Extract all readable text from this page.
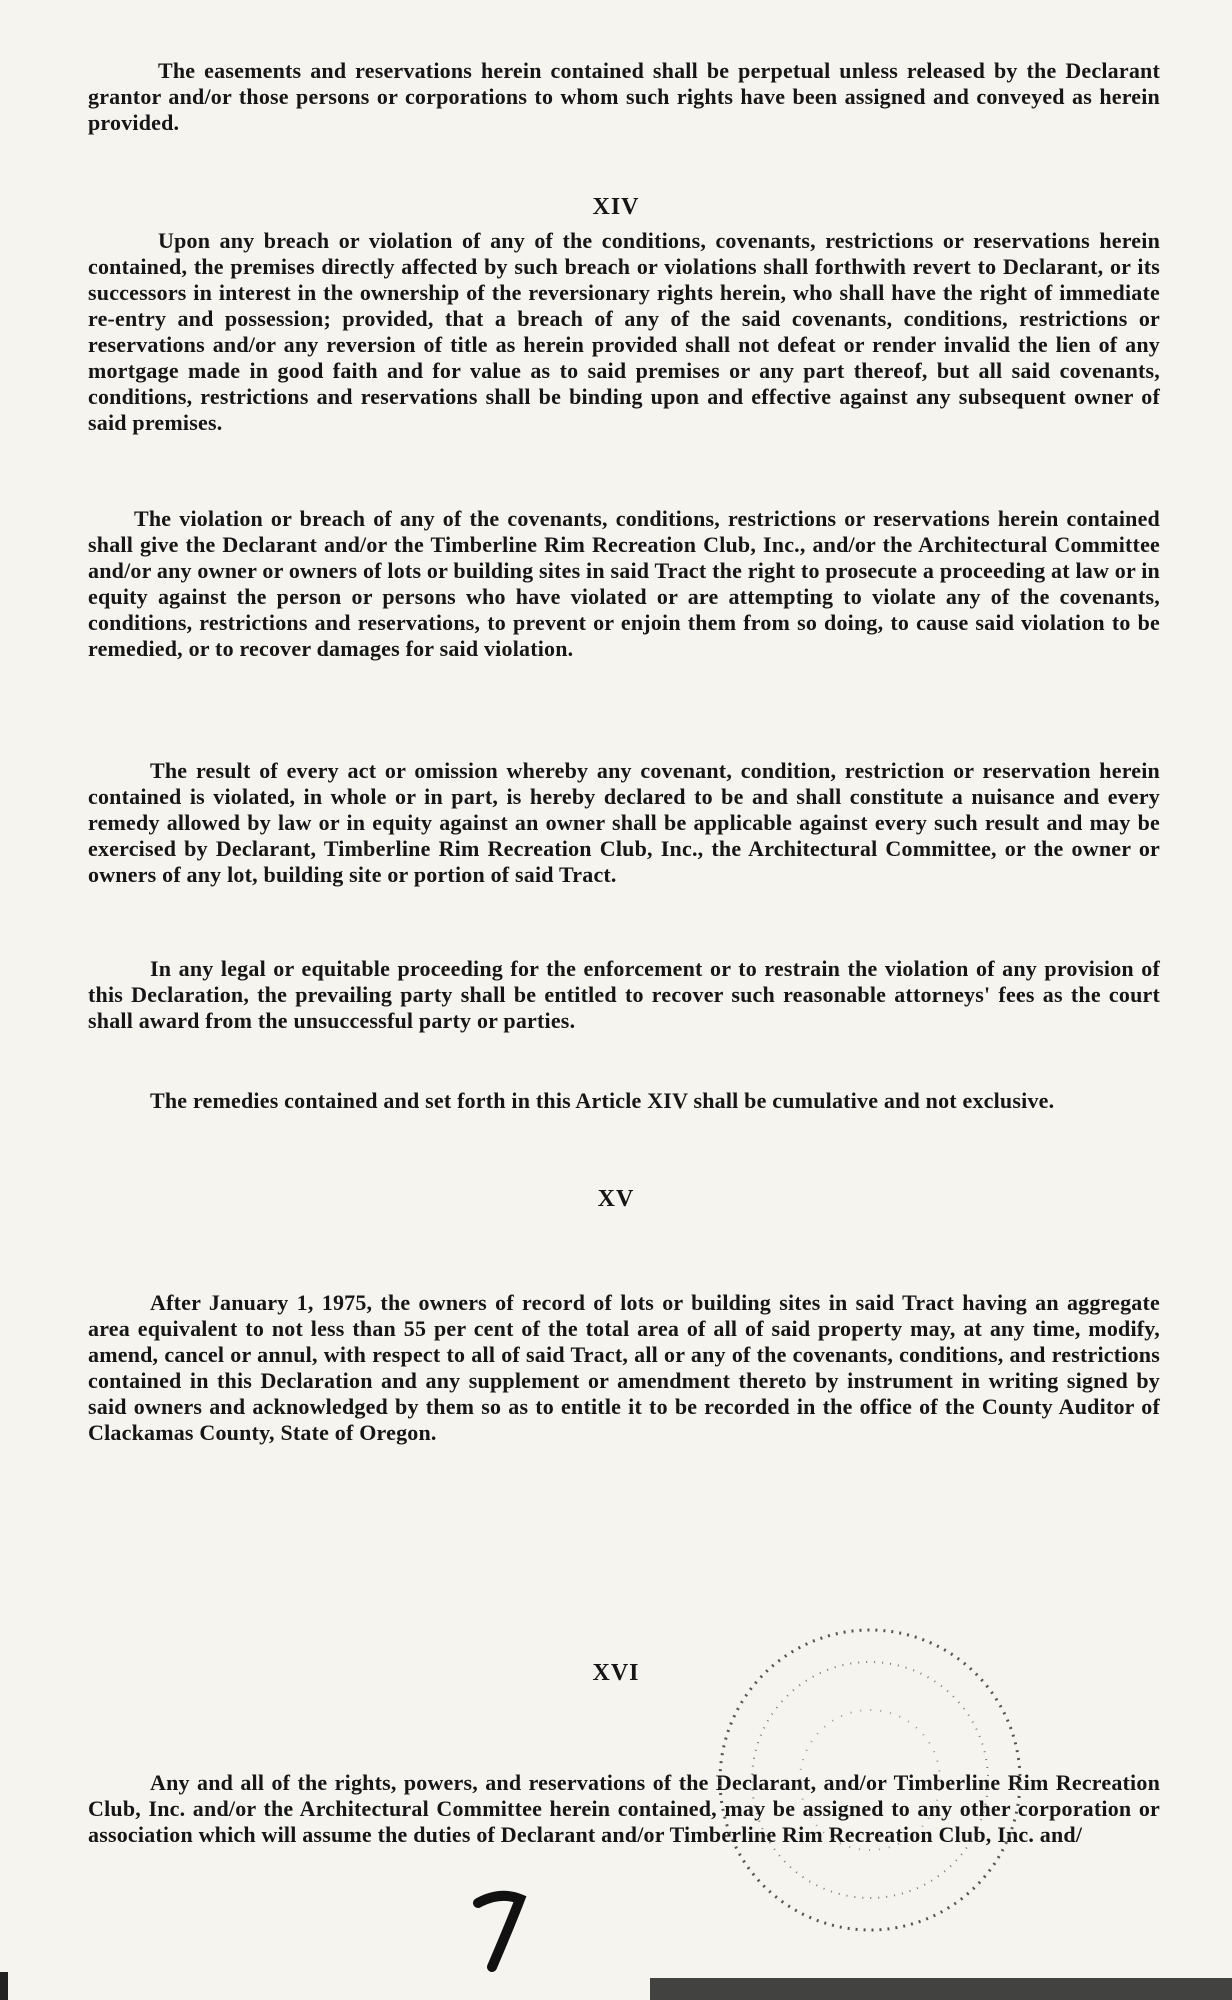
The easements and reservations herein contained shall be perpetual unless released by the Declarant grantor and/or those persons or corporations to whom such rights have been assigned and conveyed as herein provided.

XIV

Upon any breach or violation of any of the conditions, covenants, restrictions or reservations herein contained, the premises directly affected by such breach or violations shall forthwith revert to Declarant, or its successors in interest in the ownership of the reversionary rights herein, who shall have the right of immediate re-entry and possession; provided, that a breach of any of the said covenants, conditions, restrictions or reservations and/or any reversion of title as herein provided shall not defeat or render invalid the lien of any mortgage made in good faith and for value as to said premises or any part thereof, but all said covenants, conditions, restrictions and reservations shall be binding upon and effective against any subsequent owner of said premises.

The violation or breach of any of the covenants, conditions, restrictions or reservations herein contained shall give the Declarant and/or the Timberline Rim Recreation Club, Inc., and/or the Architectural Committee and/or any owner or owners of lots or building sites in said Tract the right to prosecute a proceeding at law or in equity against the person or persons who have violated or are attempting to violate any of the covenants, conditions, restrictions and reservations, to prevent or enjoin them from so doing, to cause said violation to be remedied, or to recover damages for said violation.

The result of every act or omission whereby any covenant, condition, restriction or reservation herein contained is violated, in whole or in part, is hereby declared to be and shall constitute a nuisance and every remedy allowed by law or in equity against an owner shall be applicable against every such result and may be exercised by Declarant, Timberline Rim Recreation Club, Inc., the Architectural Committee, or the owner or owners of any lot, building site or portion of said Tract.

In any legal or equitable proceeding for the enforcement or to restrain the violation of any provision of this Declaration, the prevailing party shall be entitled to recover such reasonable attorneys' fees as the court shall award from the unsuccessful party or parties.

The remedies contained and set forth in this Article XIV shall be cumulative and not exclusive.

XV

After January 1, 1975, the owners of record of lots or building sites in said Tract having an aggregate area equivalent to not less than 55 per cent of the total area of all of said property may, at any time, modify, amend, cancel or annul, with respect to all of said Tract, all or any of the covenants, conditions, and restrictions contained in this Declaration and any supplement or amendment thereto by instrument in writing signed by said owners and acknowledged by them so as to entitle it to be recorded in the office of the County Auditor of Clackamas County, State of Oregon.

XVI

Any and all of the rights, powers, and reservations of the Declarant, and/or Timberline Rim Recreation Club, Inc. and/or the Architectural Committee herein contained, may be assigned to any other corporation or association which will assume the duties of Declarant and/or Timberline Rim Recreation Club, Inc. and/
